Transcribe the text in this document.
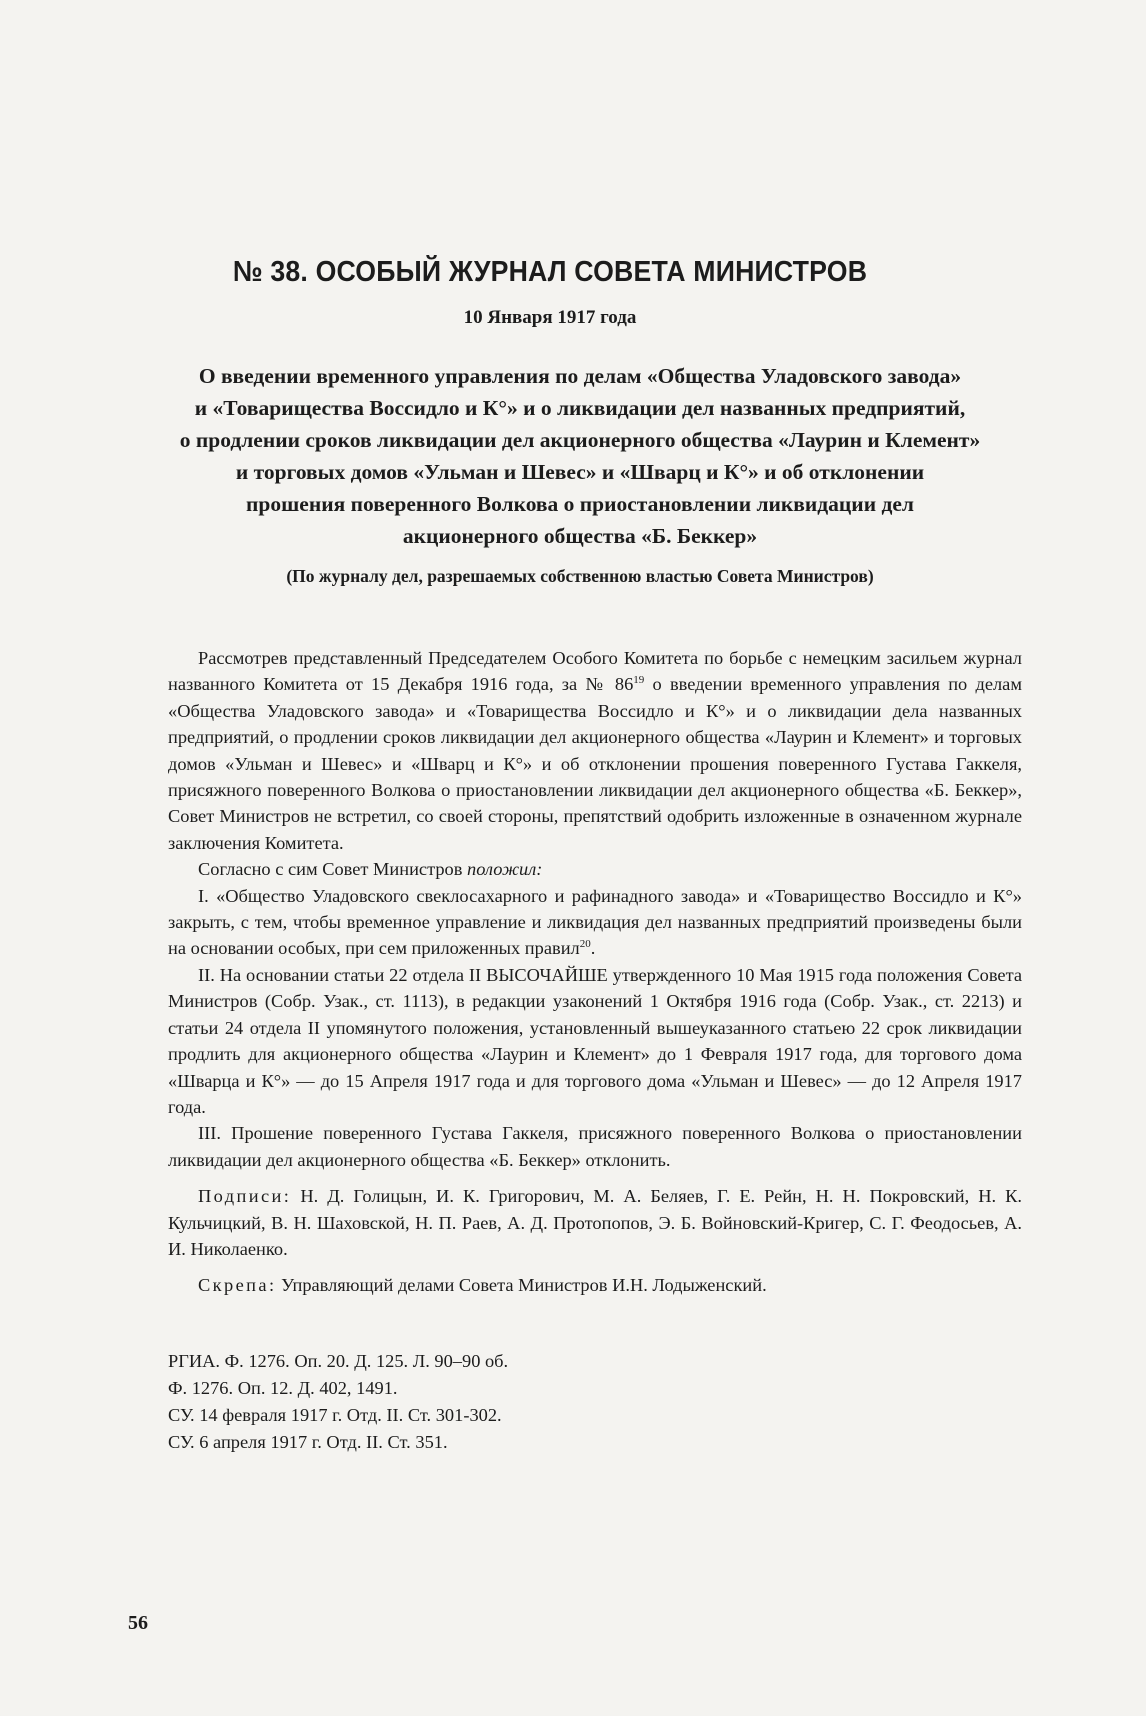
№ 38. ОСОБЫЙ ЖУРНАЛ СОВЕТА МИНИСТРОВ
10 Января 1917 года
О введении временного управления по делам «Общества Уладовского завода»
и «Товарищества Воссидло и К°» и о ликвидации дел названных предприятий,
о продлении сроков ликвидации дел акционерного общества «Лаурин и Клемент»
и торговых домов «Ульман и Шевес» и «Шварц и К°» и об отклонении
прошения поверенного Волкова о приостановлении ликвидации дел
акционерного общества «Б. Беккер»
(По журналу дел, разрешаемых собственною властью Совета Министров)

Рассмотрев представленный Председателем Особого Комитета по борьбе с немецким засильем журнал названного Комитета от 15 Декабря 1916 года, за № $86^{19}$ о введении временного управления по делам «Общества Уладовского завода» и «Товарищества Воссидло и К°» и о ликвидации дела названных предприятий, о продлении сроков ликвидации дел акционерного общества «Лаурин и Клемент» и торговых домов «Ульман и Шевес» и «Шварц и К°» и об отклонении прошения поверенного Густава Гаккеля, присяжного поверенного Волкова о приостановлении ликвидации дел акционерного общества «Б. Беккер», Совет Министров не встретил, со своей стороны, препятствий одобрить изложенные в означенном журнале заключения Комитета.

Согласно с сим Совет Министров положил:

I. «Общество Уладовского свеклосахарного и рафинадного завода» и «Товарищество Воссидло и К°» закрыть, с тем, чтобы временное управление и ликвидация дел названных предприятий произведены были на основании особых, при сем приложенных правил$^{20}$.

II. На основании статьи 22 отдела II ВЫСОЧАЙШЕ утвержденного 10 Мая 1915 года положения Совета Министров (Собр. Узак., ст. 1113), в редакции узаконений 1 Октября 1916 года (Собр. Узак., ст. 2213) и статьи 24 отдела II упомянутого положения, установленный вышеуказанного статьею 22 срок ликвидации продлить для акционерного общества «Лаурин и Клемент» до 1 Февраля 1917 года, для торгового дома «Шварца и К°» — до 15 Апреля 1917 года и для торгового дома «Ульман и Шевес» — до 12 Апреля 1917 года.

III. Прошение поверенного Густава Гаккеля, присяжного поверенного Волкова о приостановлении ликвидации дел акционерного общества «Б. Беккер» отклонить.

Подписи: Н. Д. Голицын, И. К. Григорович, М. А. Беляев, Г. Е. Рейн, Н. Н. Покровский, Н. К. Кульчицкий, В. Н. Шаховской, Н. П. Раев, А. Д. Протопопов, Э. Б. Войновский-Кригер, С. Г. Феодосьев, А. И. Николаенко.

Скрепа: Управляющий делами Совета Министров И.Н. Лодыженский.

РГИА. Ф. 1276. Оп. 20. Д. 125. Л. 90–90 об.
Ф. 1276. Оп. 12. Д. 402, 1491.
СУ. 14 февраля 1917 г. Отд. II. Ст. 301-302.
СУ. 6 апреля 1917 г. Отд. II. Ст. 351.
56
